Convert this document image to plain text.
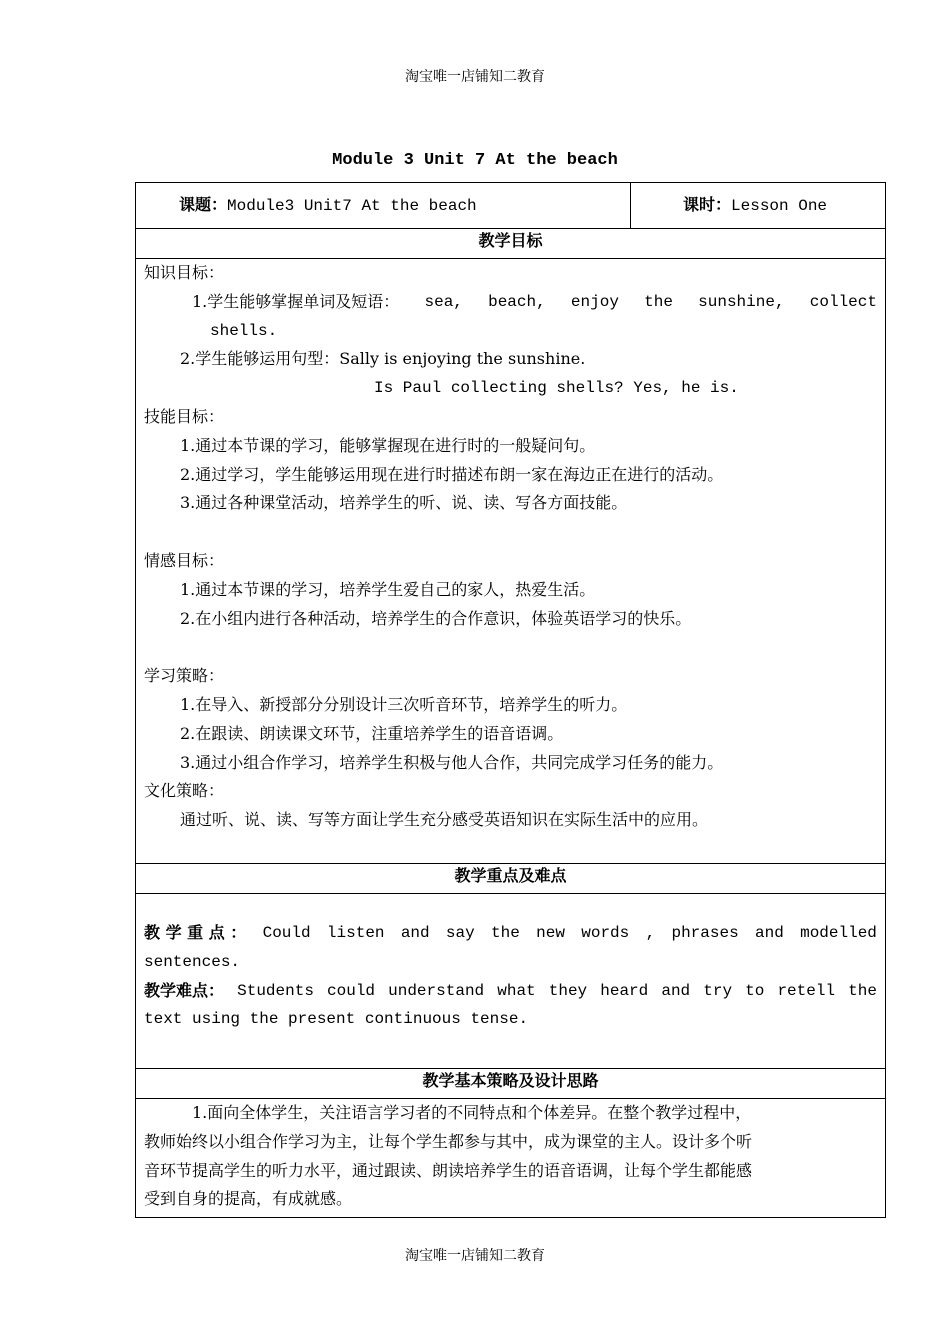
淘宝唯一店铺知二教育
Module 3 Unit 7 At the beach
课题：Module3 Unit7 At the beach	课时：Lesson One
教学目标
知识目标：
1.学生能够掌握单词及短语： sea, beach, enjoy the sunshine, collect
shells.
2.学生能够运用句型：Sally is enjoying the sunshine.
Is Paul collecting shells? Yes, he is.
技能目标：
1.通过本节课的学习，能够掌握现在进行时的一般疑问句。
2.通过学习，学生能够运用现在进行时描述布朗一家在海边正在进行的活动。
3.通过各种课堂活动，培养学生的听、说、读、写各方面技能。
情感目标：
1.通过本节课的学习，培养学生爱自己的家人，热爱生活。
2.在小组内进行各种活动，培养学生的合作意识，体验英语学习的快乐。
学习策略：
1.在导入、新授部分分别设计三次听音环节，培养学生的听力。
2.在跟读、朗读课文环节，注重培养学生的语音语调。
3.通过小组合作学习，培养学生积极与他人合作，共同完成学习任务的能力。
文化策略：
通过听、说、读、写等方面让学生充分感受英语知识在实际生活中的应用。
教学重点及难点
教 学 重 点 ： Could listen and say the new words , phrases and modelled
sentences.
教学难点： Students could understand what they heard and try to retell the
text using the present continuous tense.
教学基本策略及设计思路
1.面向全体学生，关注语言学习者的不同特点和个体差异。在整个教学过程中，
教师始终以小组合作学习为主，让每个学生都参与其中，成为课堂的主人。设计多个听
音环节提高学生的听力水平，通过跟读、朗读培养学生的语音语调，让每个学生都能感
受到自身的提高，有成就感。
淘宝唯一店铺知二教育
